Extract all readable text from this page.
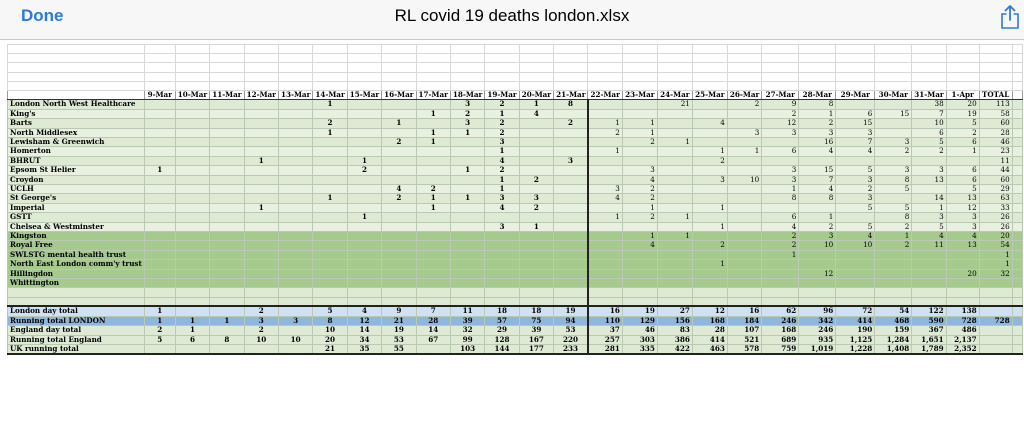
Done	RL covid 19 deaths london.xlsx

	9-Mar	10-Mar	11-Mar	12-Mar	13-Mar	14-Mar	15-Mar	16-Mar	17-Mar	18-Mar	19-Mar	20-Mar	21-Mar	22-Mar	23-Mar	24-Mar	25-Mar	26-Mar	27-Mar	28-Mar	29-Mar	30-Mar	31-Mar	1-Apr	TOTAL	
London North West Healthcare						1				3	2	1	8			21		2	9	8			38	20	113	
King's									1	2	1	4							2	1	6	15	7	19	58	
Barts						2		1		3	2		2	1	1		4		12	2	15		10	5	60	
North Middlesex						1			1	1	2			2	1			3	3	3	3		6	2	28	
Lewisham & Greenwich								2	1		3				2	1				16	7	3	5	6	46	
Homerton											1			1			1	1	6	4	4	2	2	1	23	
BHRUT				1			1				4		3				2								11	
Epsom St Helier	1						2			1	2				3				3	15	5	3	3	6	44	
Croydon											1	2			4		3	10	3	7	3	8	13	6	60	
UCLH								4	2		1			3	2				1	4	2	5		5	29	
St George's						1		2	1	1	3	3		4	2				8	8	3		14	13	63	
Imperial				1					1		4	2			1		1				5	5	1	12	33	
GSTT							1							1	2	1			6	1		8	3	3	26	
Chelsea & Westminster											3	1					1		4	2	5	2	5	3	26	
Kingston															1	1			2	3	4	1	4	4	20	
Royal Free															4		2		2	10	10	2	11	13	54	
SWLSTG mental health trust																			1						1	
North East London comm'y trust																	1								1	
Hillingdon																				12				20	32	
Whittington																										

London day total	1			2		5	4	9	7	11	18	18	19	16	19	27	12	16	62	96	72	54	122	138		
Running total LONDON	1	1	1	3	3	8	12	21	28	39	57	75	94	110	129	156	168	184	246	342	414	468	590	728	728	
England day total	2	1		2		10	14	19	14	32	29	39	53	37	46	83	28	107	168	246	190	159	367	486		
Running total England	5	6	8	10	10	20	34	53	67	99	128	167	220	257	303	386	414	521	689	935	1,125	1,284	1,651	2,137		
UK running total						21	35	55		103	144	177	233	281	335	422	463	578	759	1,019	1,228	1,408	1,789	2,352		
